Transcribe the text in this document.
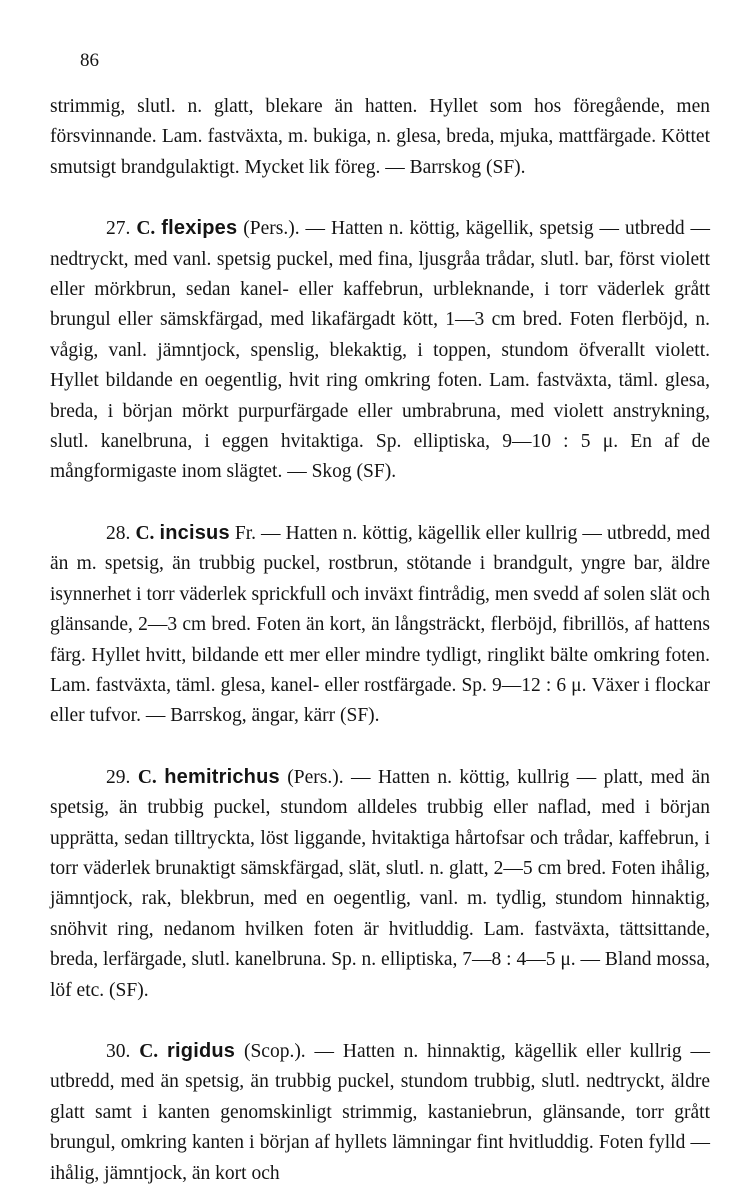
86

strimmig, slutl. n. glatt, blekare än hatten. Hyllet som hos föregående, men försvinnande. Lam. fastväxta, m. bukiga, n. glesa, breda, mjuka, mattfärgade. Köttet smutsigt brandgulaktigt. Mycket lik föreg. — Barrskog (SF).

27. C. flexipes (Pers.). — Hatten n. köttig, kägellik, spetsig — utbredd — nedtryckt, med vanl. spetsig puckel, med fina, ljusgråa trådar, slutl. bar, först violett eller mörkbrun, sedan kanel- eller kaffebrun, urbleknande, i torr väderlek grått brungul eller sämskfärgad, med likafärgadt kött, 1—3 cm bred. Foten flerböjd, n. vågig, vanl. jämntjock, spenslig, blekaktig, i toppen, stundom öfverallt violett. Hyllet bildande en oegentlig, hvit ring omkring foten. Lam. fastväxta, täml. glesa, breda, i början mörkt purpurfärgade eller umbrabruna, med violett anstrykning, slutl. kanelbruna, i eggen hvitaktiga. Sp. elliptiska, 9—10 : 5 μ. En af de mångformigaste inom slägtet. — Skog (SF).

28. C. incisus Fr. — Hatten n. köttig, kägellik eller kullrig — utbredd, med än m. spetsig, än trubbig puckel, rostbrun, stötande i brandgult, yngre bar, äldre isynnerhet i torr väderlek sprickfull och inväxt fintrådig, men svedd af solen slät och glänsande, 2—3 cm bred. Foten än kort, än långsträckt, flerböjd, fibrillös, af hattens färg. Hyllet hvitt, bildande ett mer eller mindre tydligt, ringlikt bälte omkring foten. Lam. fastväxta, täml. glesa, kanel- eller rostfärgade. Sp. 9—12 : 6 μ. Växer i flockar eller tufvor. — Barrskog, ängar, kärr (SF).

29. C. hemitrichus (Pers.). — Hatten n. köttig, kullrig — platt, med än spetsig, än trubbig puckel, stundom alldeles trubbig eller naflad, med i början upprätta, sedan tilltryckta, löst liggande, hvitaktiga hårtofsar och trådar, kaffebrun, i torr väderlek brunaktigt sämskfärgad, slät, slutl. n. glatt, 2—5 cm bred. Foten ihålig, jämntjock, rak, blekbrun, med en oegentlig, vanl. m. tydlig, stundom hinnaktig, snöhvit ring, nedanom hvilken foten är hvitluddig. Lam. fastväxta, tättsittande, breda, lerfärgade, slutl. kanelbruna. Sp. n. elliptiska, 7—8 : 4—5 μ. — Bland mossa, löf etc. (SF).

30. C. rigidus (Scop.). — Hatten n. hinnaktig, kägellik eller kullrig — utbredd, med än spetsig, än trubbig puckel, stundom trubbig, slutl. nedtryckt, äldre glatt samt i kanten genomskinligt strimmig, kastaniebrun, glänsande, torr grått brungul, omkring kanten i början af hyllets lämningar fint hvitluddig. Foten fylld — ihålig, jämntjock, än kort och
